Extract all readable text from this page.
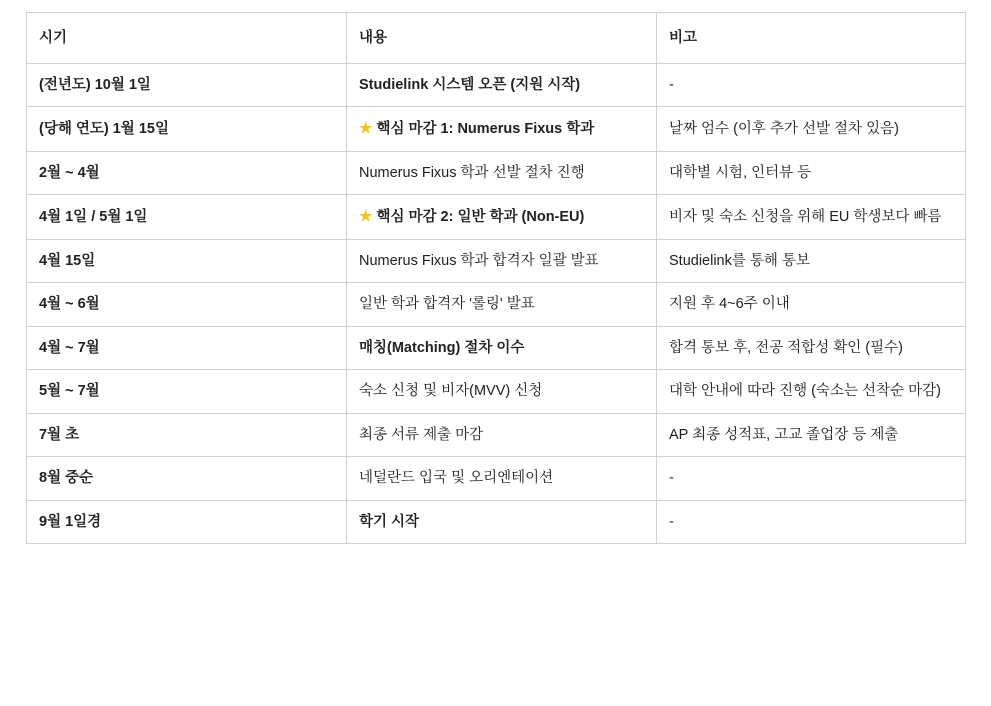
시기	내용	비고
(전년도) 10월 1일	Studielink 시스템 오픈 (지원 시작)	-
(당해 연도) 1월 15일	★ 핵심 마감 1: Numerus Fixus 학과	날짜 엄수 (이후 추가 선발 절차 있음)
2월 ~ 4월	Numerus Fixus 학과 선발 절차 진행	대학별 시험, 인터뷰 등
4월 1일 / 5월 1일	★ 핵심 마감 2: 일반 학과 (Non-EU)	비자 및 숙소 신청을 위해 EU 학생보다 빠름
4월 15일	Numerus Fixus 학과 합격자 일괄 발표	Studielink를 통해 통보
4월 ~ 6월	일반 학과 합격자 '롤링' 발표	지원 후 4~6주 이내
4월 ~ 7월	매칭(Matching) 절차 이수	합격 통보 후, 전공 적합성 확인 (필수)
5월 ~ 7월	숙소 신청 및 비자(MVV) 신청	대학 안내에 따라 진행 (숙소는 선착순 마감)
7월 초	최종 서류 제출 마감	AP 최종 성적표, 고교 졸업장 등 제출
8월 중순	네덜란드 입국 및 오리엔테이션	-
9월 1일경	학기 시작	-
